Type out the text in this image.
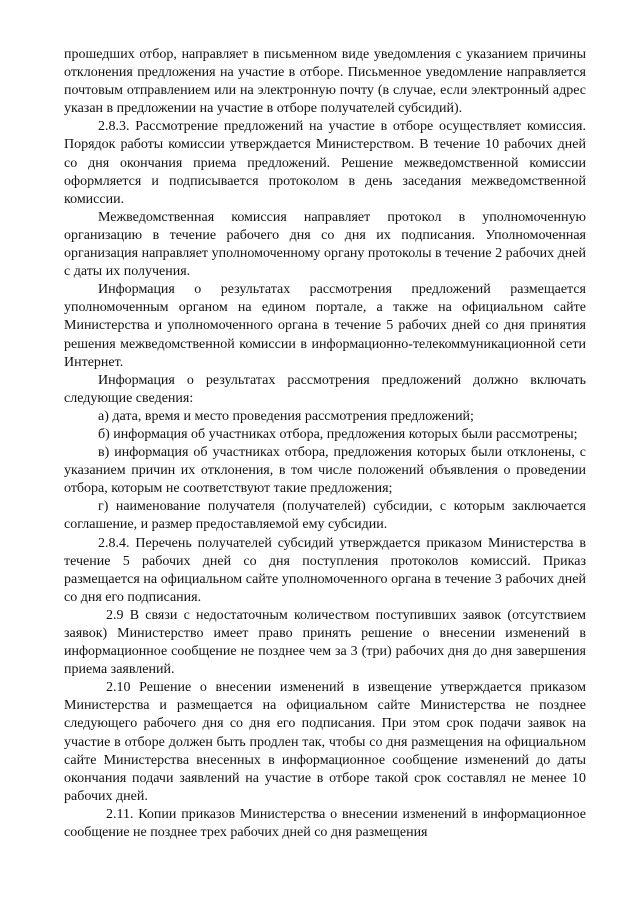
прошедших отбор, направляет в письменном виде уведомления с указанием причины отклонения предложения на участие в отборе. Письменное уведомление направляется почтовым отправлением или на электронную почту (в случае, если электронный адрес указан в предложении на участие в отборе получателей субсидий).

2.8.3. Рассмотрение предложений на участие в отборе осуществляет комиссия. Порядок работы комиссии утверждается Министерством. В течение 10 рабочих дней со дня окончания приема предложений. Решение межведомственной комиссии оформляется и подписывается протоколом в день заседания межведомственной комиссии.

Межведомственная комиссия направляет протокол в уполномоченную организацию в течение рабочего дня со дня их подписания. Уполномоченная организация направляет уполномоченному органу протоколы в течение 2 рабочих дней с даты их получения.

Информация о результатах рассмотрения предложений размещается уполномоченным органом на едином портале, а также на официальном сайте Министерства и уполномоченного органа в течение 5 рабочих дней со дня принятия решения межведомственной комиссии в информационно-телекоммуникационной сети Интернет.

Информация о результатах рассмотрения предложений должно включать следующие сведения:

а) дата, время и место проведения рассмотрения предложений;

б) информация об участниках отбора, предложения которых были рассмотрены;

в) информация об участниках отбора, предложения которых были отклонены, с указанием причин их отклонения, в том числе положений объявления о проведении отбора, которым не соответствуют такие предложения;

г) наименование получателя (получателей) субсидии, с которым заключается соглашение, и размер предоставляемой ему субсидии.

2.8.4. Перечень получателей субсидий утверждается приказом Министерства в течение 5 рабочих дней со дня поступления протоколов комиссий. Приказ размещается на официальном сайте уполномоченного органа в течение 3 рабочих дней со дня его подписания.

2.9 В связи с недостаточным количеством поступивших заявок (отсутствием заявок) Министерство имеет право принять решение о внесении изменений в информационное сообщение не позднее чем за 3 (три) рабочих дня до дня завершения приема заявлений.

2.10 Решение о внесении изменений в извещение утверждается приказом Министерства и размещается на официальном сайте Министерства не позднее следующего рабочего дня со дня его подписания. При этом срок подачи заявок на участие в отборе должен быть продлен так, чтобы со дня размещения на официальном сайте Министерства внесенных в информационное сообщение изменений до даты окончания подачи заявлений на участие в отборе такой срок составлял не менее 10 рабочих дней.

2.11. Копии приказов Министерства о внесении изменений в информационное сообщение не позднее трех рабочих дней со дня размещения
